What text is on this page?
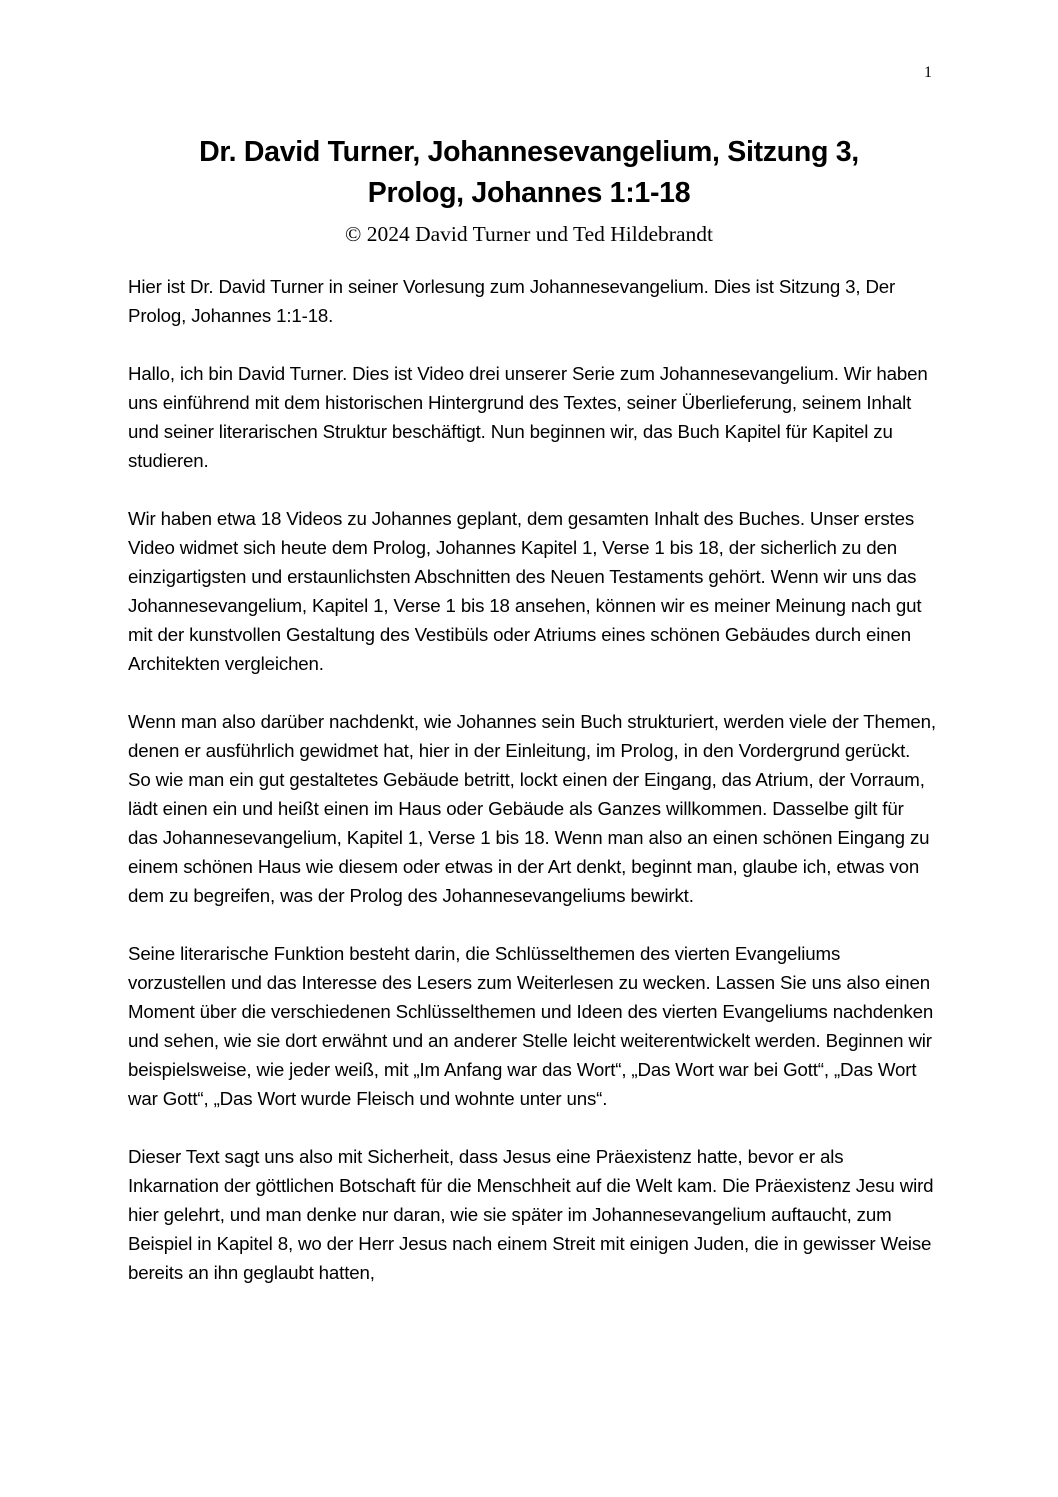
1
Dr. David Turner, Johannesevangelium, Sitzung 3,
Prolog, Johannes 1:1-18
© 2024 David Turner und Ted Hildebrandt

Hier ist Dr. David Turner in seiner Vorlesung zum Johannesevangelium. Dies ist Sitzung 3, Der Prolog, Johannes 1:1-18.

Hallo, ich bin David Turner. Dies ist Video drei unserer Serie zum Johannesevangelium. Wir haben uns einführend mit dem historischen Hintergrund des Textes, seiner Überlieferung, seinem Inhalt und seiner literarischen Struktur beschäftigt. Nun beginnen wir, das Buch Kapitel für Kapitel zu studieren.

Wir haben etwa 18 Videos zu Johannes geplant, dem gesamten Inhalt des Buches. Unser erstes Video widmet sich heute dem Prolog, Johannes Kapitel 1, Verse 1 bis 18, der sicherlich zu den einzigartigsten und erstaunlichsten Abschnitten des Neuen Testaments gehört. Wenn wir uns das Johannesevangelium, Kapitel 1, Verse 1 bis 18 ansehen, können wir es meiner Meinung nach gut mit der kunstvollen Gestaltung des Vestibüls oder Atriums eines schönen Gebäudes durch einen Architekten vergleichen.

Wenn man also darüber nachdenkt, wie Johannes sein Buch strukturiert, werden viele der Themen, denen er ausführlich gewidmet hat, hier in der Einleitung, im Prolog, in den Vordergrund gerückt. So wie man ein gut gestaltetes Gebäude betritt, lockt einen der Eingang, das Atrium, der Vorraum, lädt einen ein und heißt einen im Haus oder Gebäude als Ganzes willkommen. Dasselbe gilt für das Johannesevangelium, Kapitel 1, Verse 1 bis 18. Wenn man also an einen schönen Eingang zu einem schönen Haus wie diesem oder etwas in der Art denkt, beginnt man, glaube ich, etwas von dem zu begreifen, was der Prolog des Johannesevangeliums bewirkt.

Seine literarische Funktion besteht darin, die Schlüsselthemen des vierten Evangeliums vorzustellen und das Interesse des Lesers zum Weiterlesen zu wecken. Lassen Sie uns also einen Moment über die verschiedenen Schlüsselthemen und Ideen des vierten Evangeliums nachdenken und sehen, wie sie dort erwähnt und an anderer Stelle leicht weiterentwickelt werden. Beginnen wir beispielsweise, wie jeder weiß, mit „Im Anfang war das Wort“, „Das Wort war bei Gott“, „Das Wort war Gott“, „Das Wort wurde Fleisch und wohnte unter uns“.

Dieser Text sagt uns also mit Sicherheit, dass Jesus eine Präexistenz hatte, bevor er als Inkarnation der göttlichen Botschaft für die Menschheit auf die Welt kam. Die Präexistenz Jesu wird hier gelehrt, und man denke nur daran, wie sie später im Johannesevangelium auftaucht, zum Beispiel in Kapitel 8, wo der Herr Jesus nach einem Streit mit einigen Juden, die in gewisser Weise bereits an ihn geglaubt hatten,
